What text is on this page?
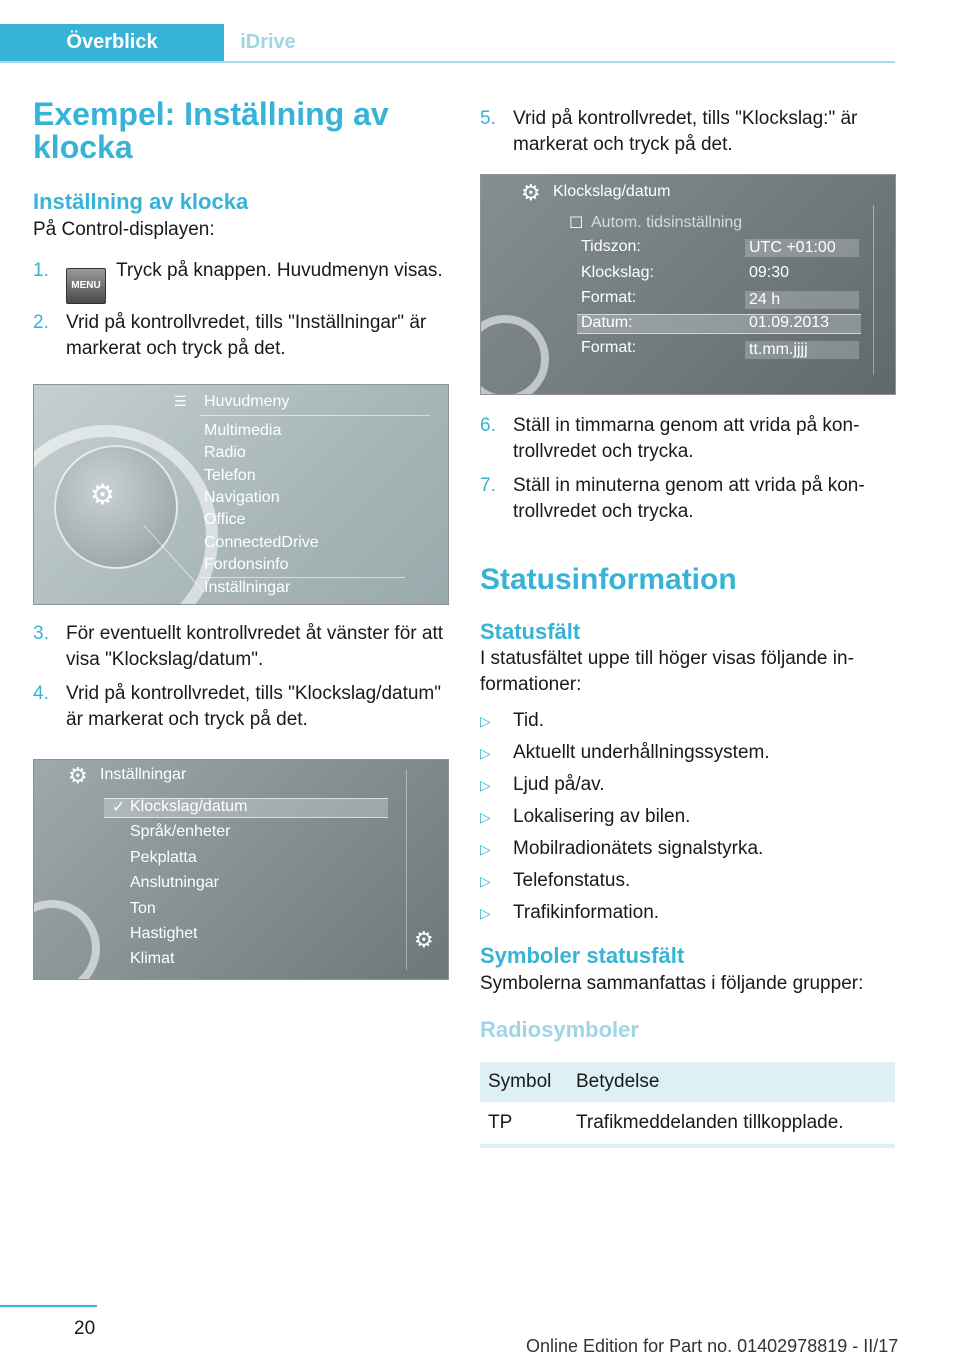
Överblick	iDrive
Exempel: Inställning av klocka
Inställning av klocka

På Control-displayen:

1.
MENUTryck på knappen. Huvudmenyn visas.
2. Vrid på kontrollvredet, tills "Inställningar" är markerat och tryck på det.
⚙
☰ Huvudmeny
Multimedia
Radio
Telefon
Navigation
Office
ConnectedDrive
Fordonsinfo
Inställningar
3. För eventuellt kontrollvredet åt vänster för att visa "Klockslag/datum".
4. Vrid på kontrollvredet, tills "Klockslag/datum" är markerat och tryck på det.
⚙ Inställningar
✓ Klockslag/datum
Språk/enheter
Pekplatta
Anslutningar
Ton
Hastighet
Klimat
⚙
5. Vrid på kontrollvredet, tills "Klockslag:" är markerat och tryck på det.
⚙ Klockslag/datum
☐ Autom. tidsinställning
Tidszon:	UTC +01:00
Klockslag:	09:30
Format:	24 h
Datum:	01.09.2013
Format:	tt.mm.jjjj
6. Ställ in timmarna genom att vrida på kontrollvredet och trycka.
7. Ställ in minuterna genom att vrida på kontrollvredet och trycka.
Statusinformation
Statusfält

I statusfältet uppe till höger visas följande informationer:

▷ Tid.
▷ Aktuellt underhållningssystem.
▷ Ljud på/av.
▷ Lokalisering av bilen.
▷ Mobilradionätets signalstyrka.
▷ Telefonstatus.
▷ Trafikinformation.
Symboler statusfält

Symbolerna sammanfattas i följande grupper:

Radiosymboler
Symbol	Betydelse
TP	Trafikmeddelanden tillkopplade.
20
Online Edition for Part no. 01402978819 - II/17
